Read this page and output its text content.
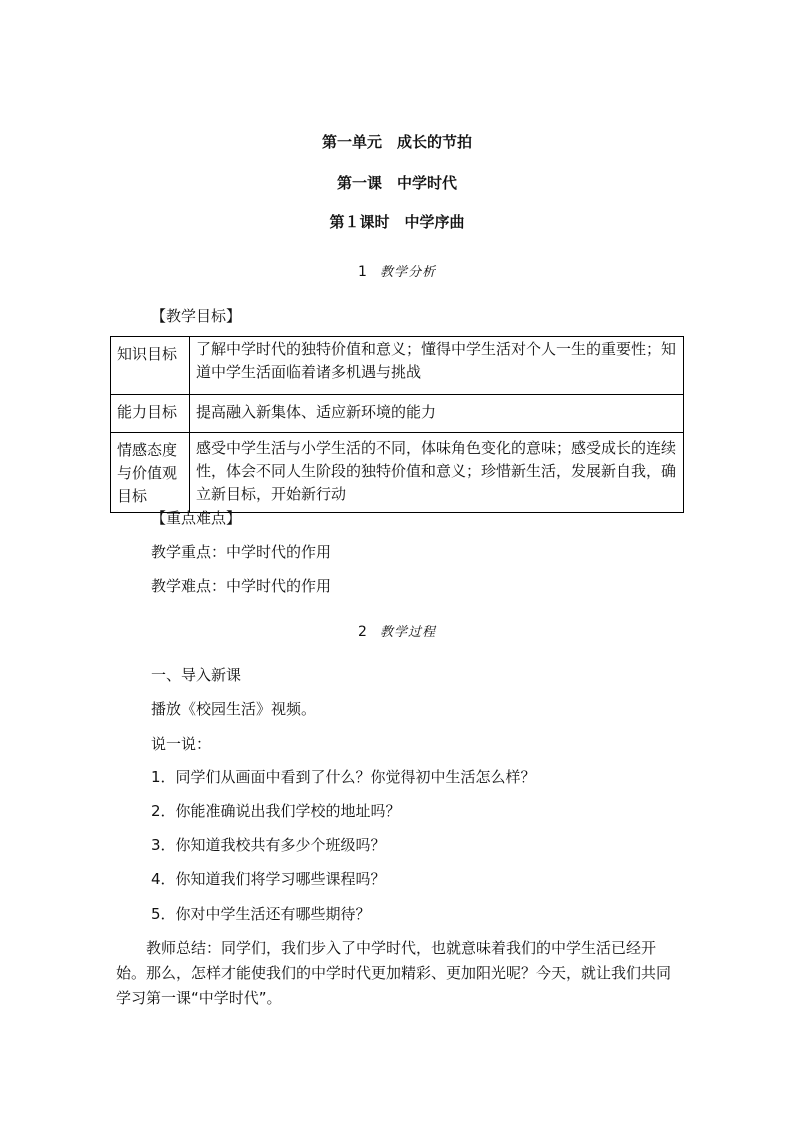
第一单元　成长的节拍
第一课　中学时代
第１课时　中学序曲
1 教学分析
【教学目标】
知识目标	了解中学时代的独特价值和意义；懂得中学生活对个人一生的重要性；知道中学生活面临着诸多机遇与挑战
能力目标	提高融入新集体、适应新环境的能力
情感态度与价值观目标	感受中学生活与小学生活的不同，体味角色变化的意味；感受成长的连续性，体会不同人生阶段的独特价值和意义；珍惜新生活，发展新自我，确立新目标，开始新行动
【重点难点】
教学重点：中学时代的作用
教学难点：中学时代的作用
2 教学过程
一、导入新课
播放《校园生活》视频。
说一说：
1．同学们从画面中看到了什么？你觉得初中生活怎么样？
2．你能准确说出我们学校的地址吗？
3．你知道我校共有多少个班级吗？
4．你知道我们将学习哪些课程吗？
5．你对中学生活还有哪些期待？
教师总结：同学们，我们步入了中学时代，也就意味着我们的中学生活已经开始。那么，怎样才能使我们的中学时代更加精彩、更加阳光呢？今天，就让我们共同学习第一课“中学时代”。
